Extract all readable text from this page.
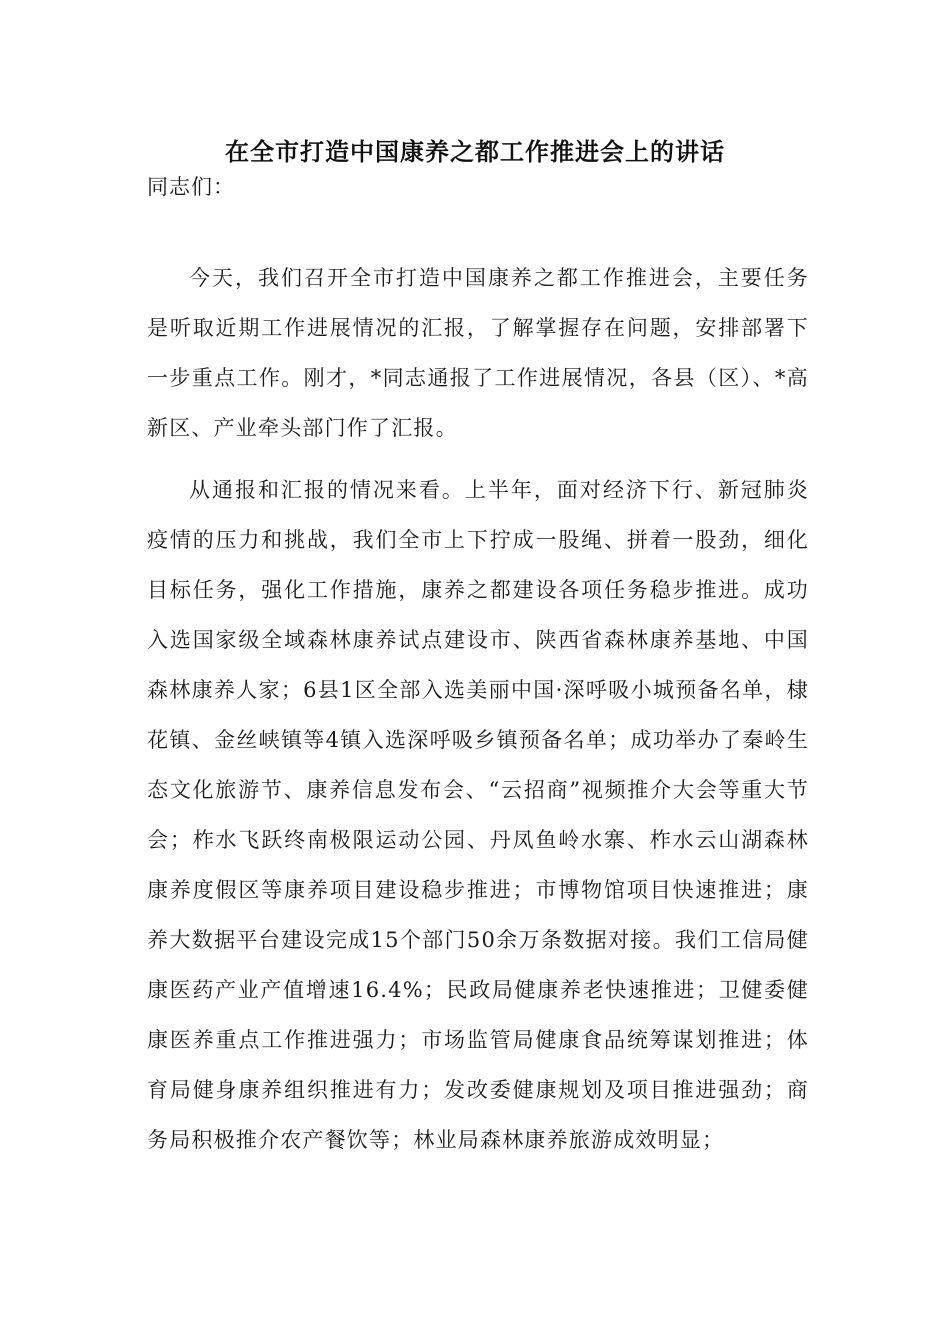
在全市打造中国康养之都工作推进会上的讲话
同志们：

今天，我们召开全市打造中国康养之都工作推进会，主要任务是听取近期工作进展情况的汇报，了解掌握存在问题，安排部署下一步重点工作。刚才，*同志通报了工作进展情况，各县（区）、*高新区、产业牵头部门作了汇报。

从通报和汇报的情况来看。上半年，面对经济下行、新冠肺炎疫情的压力和挑战，我们全市上下拧成一股绳、拼着一股劲，细化目标任务，强化工作措施，康养之都建设各项任务稳步推进。成功入选国家级全域森林康养试点建设市、陕西省森林康养基地、中国森林康养人家；6县1区全部入选美丽中国·深呼吸小城预备名单，棣花镇、金丝峡镇等4镇入选深呼吸乡镇预备名单；成功举办了秦岭生态文化旅游节、康养信息发布会、“云招商”视频推介大会等重大节会；柞水飞跃终南极限运动公园、丹凤鱼岭水寨、柞水云山湖森林康养度假区等康养项目建设稳步推进；市博物馆项目快速推进；康养大数据平台建设完成15个部门50余万条数据对接。我们工信局健康医药产业产值增速16.4%；民政局健康养老快速推进；卫健委健康医养重点工作推进强力；市场监管局健康食品统筹谋划推进；体育局健身康养组织推进有力；发改委健康规划及项目推进强劲；商务局积极推介农产餐饮等；林业局森林康养旅游成效明显；
